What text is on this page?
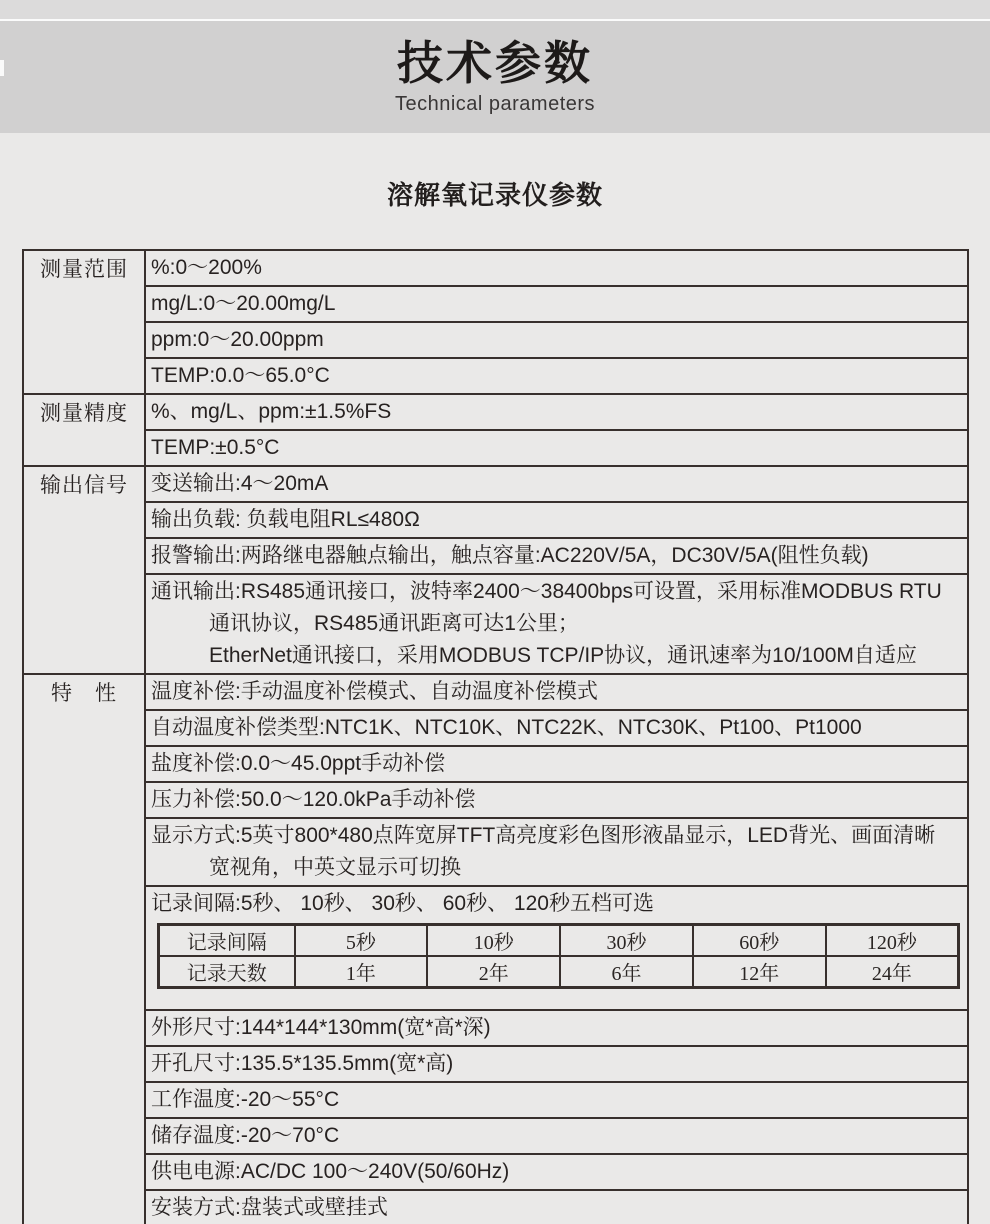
技术参数
Technical parameters
溶解氧记录仪参数
测量范围	%:0～200%
mg/L:0～20.00mg/L
ppm:0～20.00ppm
TEMP:0.0～65.0°C
测量精度	%、mg/L、ppm:±1.5%FS
TEMP:±0.5°C
输出信号	变送输出:4～20mA
输出负载: 负载电阻RL≤480Ω
报警输出:两路继电器触点输出，触点容量:AC220V/5A，DC30V/5A(阻性负载)
通讯输出:RS485通讯接口，波特率2400～38400bps可设置，采用标准MODBUS RTU
通讯协议，RS485通讯距离可达1公里；
EtherNet通讯接口，采用MODBUS TCP/IP协议，通讯速率为10/100M自适应
特　性	温度补偿:手动温度补偿模式、自动温度补偿模式
自动温度补偿类型:NTC1K、NTC10K、NTC22K、NTC30K、Pt100、Pt1000
盐度补偿:0.0～45.0ppt手动补偿
压力补偿:50.0～120.0kPa手动补偿
显示方式:5英寸800*480点阵宽屏TFT高亮度彩色图形液晶显示，LED背光、画面清晰
宽视角，中英文显示可切换
记录间隔:5秒、 10秒、 30秒、 60秒、 120秒五档可选
记录间隔	5秒	10秒	30秒	60秒	120秒
记录天数	1年	2年	6年	12年	24年
外形尺寸:144*144*130mm(宽*高*深)
开孔尺寸:135.5*135.5mm(宽*高)
工作温度:-20～55°C
储存温度:-20～70°C
供电电源:AC/DC 100～240V(50/60Hz)
安装方式:盘装式或壁挂式
